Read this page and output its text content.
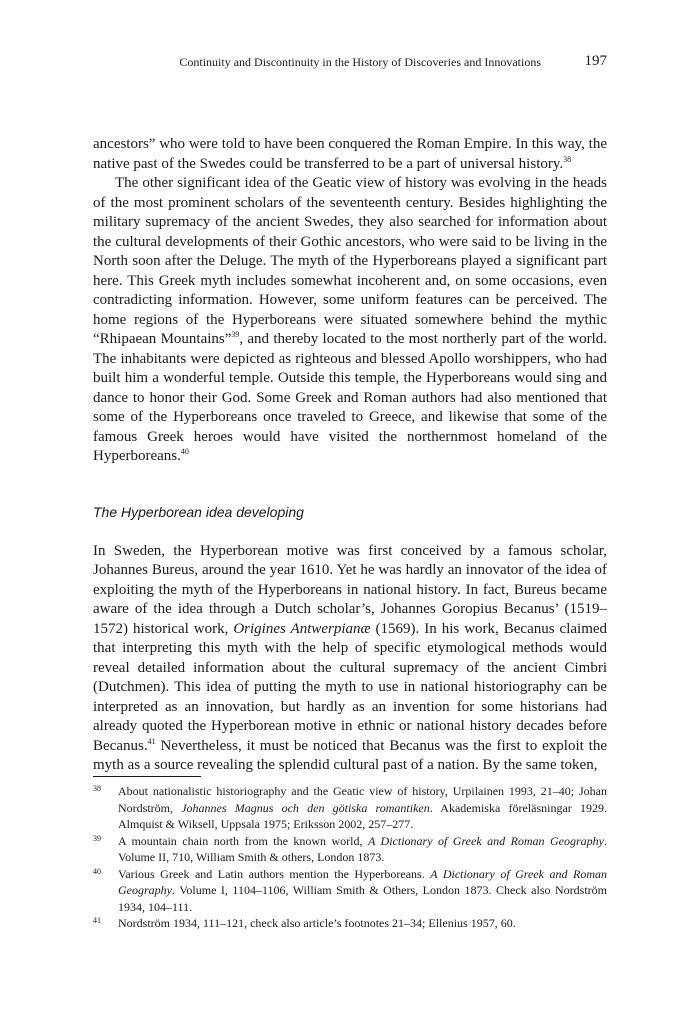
Continuity and Discontinuity in the History of Discoveries and Innovations	197

ancestors” who were told to have been conquered the Roman Empire. In this way, the native past of the Swedes could be transferred to be a part of universal history.$^{38}$

The other significant idea of the Geatic view of history was evolving in the heads of the most prominent scholars of the seventeenth century. Besides highlighting the military supremacy of the ancient Swedes, they also searched for information about the cultural developments of their Gothic ancestors, who were said to be living in the North soon after the Deluge. The myth of the Hyperboreans played a significant part here. This Greek myth includes somewhat incoherent and, on some occasions, even contradicting information. However, some uniform features can be perceived. The home regions of the Hyperboreans were situated somewhere behind the mythic “Rhipaean Mountains”$^{39}$, and thereby located to the most northerly part of the world. The inhabitants were depicted as righteous and blessed Apollo worshippers, who had built him a wonderful temple. Outside this temple, the Hyperboreans would sing and dance to honor their God. Some Greek and Roman authors had also mentioned that some of the Hyperboreans once traveled to Greece, and likewise that some of the famous Greek heroes would have visited the northernmost homeland of the Hyperboreans.$^{40}$

The Hyperborean idea developing

In Sweden, the Hyperborean motive was first conceived by a famous scholar, Johannes Bureus, around the year 1610. Yet he was hardly an innovator of the idea of exploiting the myth of the Hyperboreans in national history. In fact, Bureus became aware of the idea through a Dutch scholar’s, Johannes Goropius Becanus’ (1519–1572) historical work, Origines Antwerpianæ (1569). In his work, Becanus claimed that interpreting this myth with the help of specific etymological methods would reveal detailed information about the cultural supremacy of the ancient Cimbri (Dutchmen). This idea of putting the myth to use in national historiography can be interpreted as an innovation, but hardly as an invention for some historians had already quoted the Hyperborean motive in ethnic or national history decades before Becanus.$^{41}$ Nevertheless, it must be noticed that Becanus was the first to exploit the myth as a source revealing the splendid cultural past of a nation. By the same token,

38 About nationalistic historiography and the Geatic view of history, Urpilainen 1993, 21–40; Johan Nordström, Johannes Magnus och den götiska romantiken. Akademiska föreläsningar 1929. Almquist & Wiksell, Uppsala 1975; Eriksson 2002, 257–277.
39 A mountain chain north from the known world, A Dictionary of Greek and Roman Geography. Volume II, 710, William Smith & others, London 1873.
40 Various Greek and Latin authors mention the Hyperboreans. A Dictionary of Greek and Roman Geography. Volume I, 1104–1106, William Smith & Others, London 1873. Check also Nordström 1934, 104–111.
41 Nordström 1934, 111–121, check also article’s footnotes 21–34; Ellenius 1957, 60.
